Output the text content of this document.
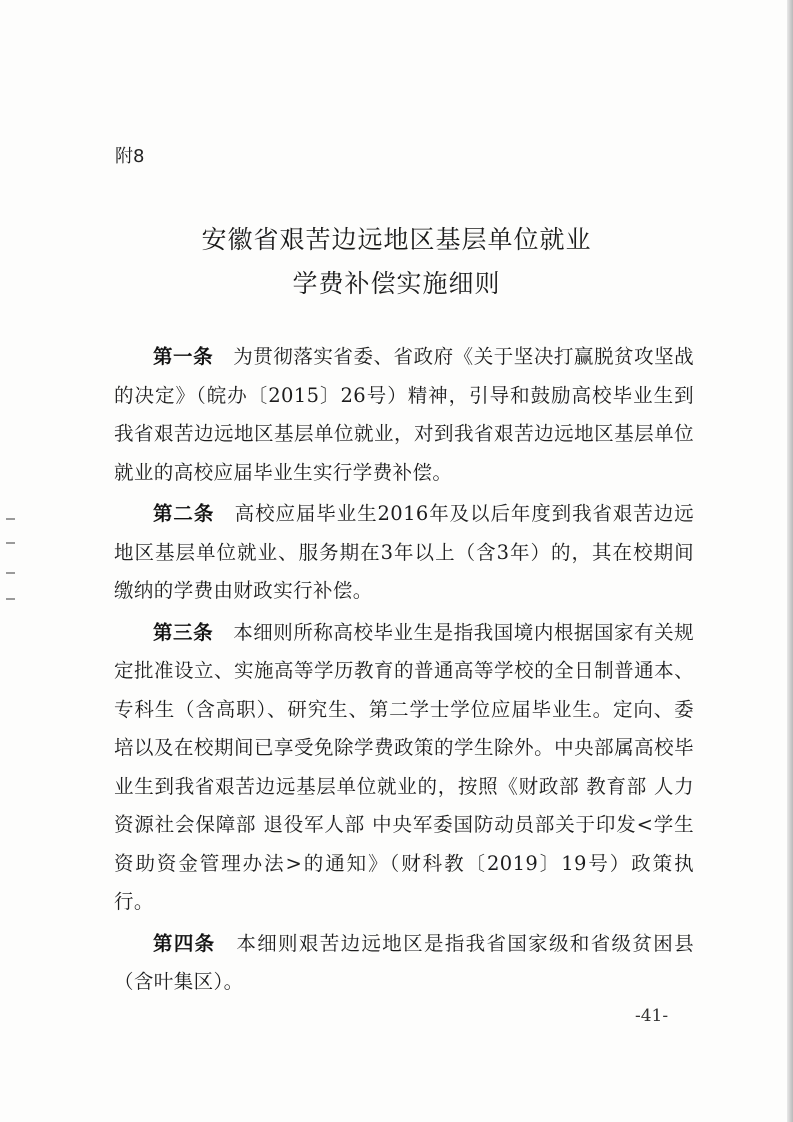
附8
安徽省艰苦边远地区基层单位就业
学费补偿实施细则

第一条　 为贯彻落实省委、省政府《关于坚决打赢脱贫攻坚战的决定》（皖办〔2015〕26号）精神，引导和鼓励高校毕业生到我省艰苦边远地区基层单位就业，对到我省艰苦边远地区基层单位就业的高校应届毕业生实行学费补偿。

第二条　 高校应届毕业生2016年及以后年度到我省艰苦边远地区基层单位就业、服务期在3年以上（含3年）的，其在校期间缴纳的学费由财政实行补偿。

第三条　 本细则所称高校毕业生是指我国境内根据国家有关规定批准设立、实施高等学历教育的普通高等学校的全日制普通本、专科生（含高职）、研究生、第二学士学位应届毕业生。定向、委培以及在校期间已享受免除学费政策的学生除外。中央部属高校毕业生到我省艰苦边远基层单位就业的，按照《财政部 教育部 人力资源社会保障部 退役军人部 中央军委国防动员部关于印发<学生资助资金管理办法>的通知》（财科教〔2019〕19号）政策执行。

第四条　 本细则艰苦边远地区是指我省国家级和省级贫困县（含叶集区）。

-41-
